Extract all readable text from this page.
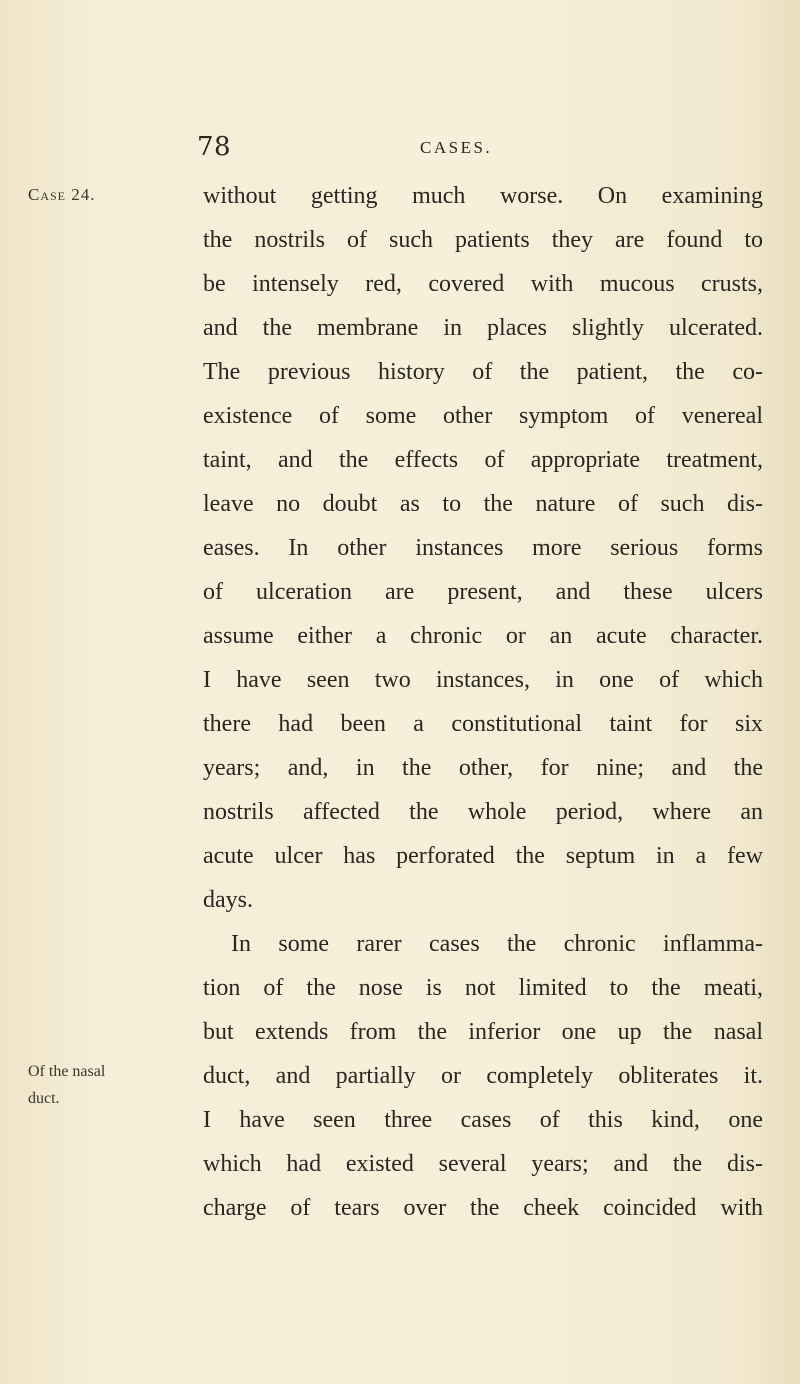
78	CASES.
Case 24.
Of the nasal
duct.
without getting much worse. On examining
the nostrils of such patients they are found to
be intensely red, covered with mucous crusts,
and the membrane in places slightly ulcerated.
The previous history of the patient, the co-
existence of some other symptom of venereal
taint, and the effects of appropriate treatment,
leave no doubt as to the nature of such dis-
eases. In other instances more serious forms
of ulceration are present, and these ulcers
assume either a chronic or an acute character.
I have seen two instances, in one of which
there had been a constitutional taint for six
years; and, in the other, for nine; and the
nostrils affected the whole period, where an
acute ulcer has perforated the septum in a few
days.
In some rarer cases the chronic inflamma-
tion of the nose is not limited to the meati,
but extends from the inferior one up the nasal
duct, and partially or completely obliterates it.
I have seen three cases of this kind, one
which had existed several years; and the dis-
charge of tears over the cheek coincided with
